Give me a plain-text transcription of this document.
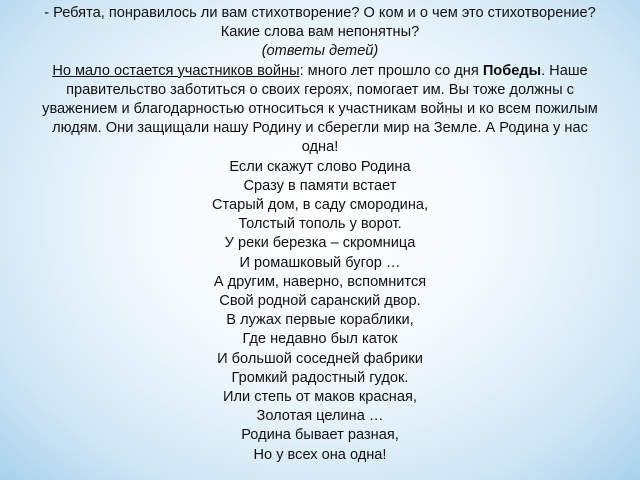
- Ребята, понравилось ли вам стихотворение? О ком и о чем это стихотворение?
Какие слова вам непонятны?
(ответы детей)
Но мало остается участников войны: много лет прошло со дня Победы. Наше
правительство заботиться о своих героях, помогает им. Вы тоже должны с
уважением и благодарностью относиться к участникам войны и ко всем пожилым
людям. Они защищали нашу Родину и сберегли мир на Земле. А Родина у нас
одна!
Если скажут слово Родина
Сразу в памяти встает
Старый дом, в саду смородина,
Толстый тополь у ворот.
У реки березка – скромница
И ромашковый бугор …
А другим, наверно, вспомнится
Свой родной саранский двор.
В лужах первые кораблики,
Где недавно был каток
И большой соседней фабрики
Громкий радостный гудок.
Или степь от маков красная,
Золотая целина …
Родина бывает разная,
Но у всех она одна!
